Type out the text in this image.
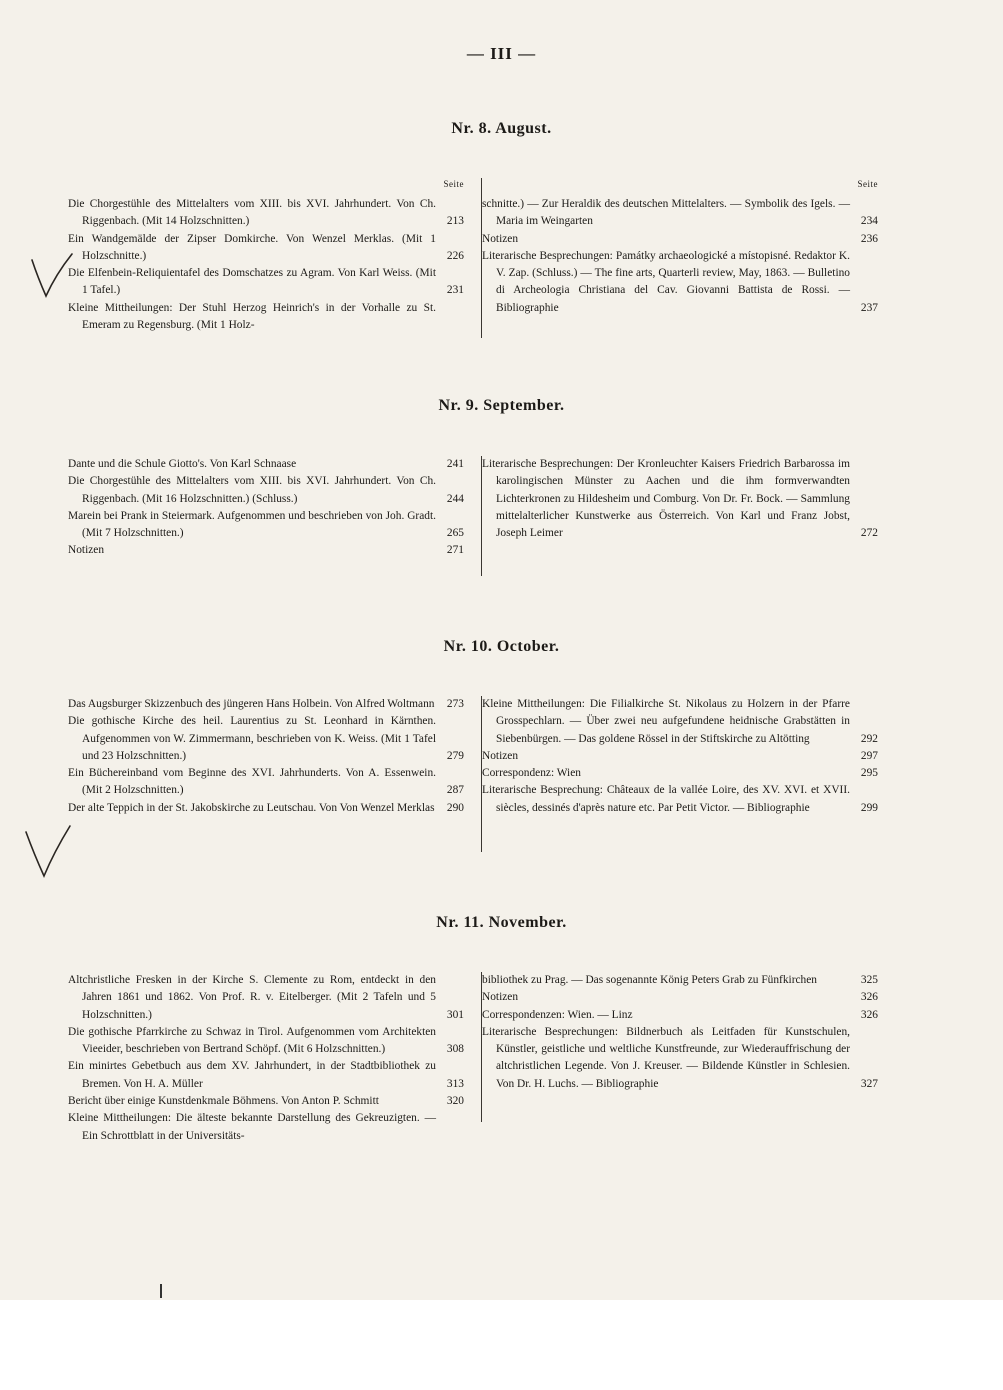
— III —
Nr. 8. August.
Seite
Die Chorgestühle des Mittelalters vom XIII. bis XVI. Jahrhundert. Von Ch. Riggenbach. (Mit 14 Holzschnitten.)	213
Ein Wandgemälde der Zipser Domkirche. Von Wenzel Merklas. (Mit 1 Holzschnitte.)	226
Die Elfenbein-Reliquientafel des Domschatzes zu Agram. Von Karl Weiss. (Mit 1 Tafel.)	231
Kleine Mittheilungen: Der Stuhl Herzog Heinrich's in der Vorhalle zu St. Emeram zu Regensburg. (Mit 1 Holz-
Seite
schnitte.) — Zur Heraldik des deutschen Mittelalters. — Symbolik des Igels. — Maria im Weingarten	234
Notizen	236
Literarische Besprechungen: Památky archaeologické a místopisné. Redaktor K. V. Zap. (Schluss.) — The fine arts, Quarterli review, May, 1863. — Bulletino di Archeologia Christiana del Cav. Giovanni Battista de Rossi. — Bibliographie	237
Nr. 9. September.
Dante und die Schule Giotto's. Von Karl Schnaase	241
Die Chorgestühle des Mittelalters vom XIII. bis XVI. Jahrhundert. Von Ch. Riggenbach. (Mit 16 Holzschnitten.) (Schluss.)	244
Marein bei Prank in Steiermark. Aufgenommen und beschrieben von Joh. Gradt. (Mit 7 Holzschnitten.)	265
Notizen	271
Literarische Besprechungen: Der Kronleuchter Kaisers Friedrich Barbarossa im karolingischen Münster zu Aachen und die ihm formverwandten Lichterkronen zu Hildesheim und Comburg. Von Dr. Fr. Bock. — Sammlung mittelalterlicher Kunstwerke aus Österreich. Von Karl und Franz Jobst, Joseph Leimer	272
Nr. 10. October.
Das Augsburger Skizzenbuch des jüngeren Hans Holbein. Von Alfred Woltmann	273
Die gothische Kirche des heil. Laurentius zu St. Leonhard in Kärnthen. Aufgenommen von W. Zimmermann, beschrieben von K. Weiss. (Mit 1 Tafel und 23 Holzschnitten.)	279
Ein Büchereinband vom Beginne des XVI. Jahrhunderts. Von A. Essenwein. (Mit 2 Holzschnitten.)	287
Der alte Teppich in der St. Jakobskirche zu Leutschau. Von Von Wenzel Merklas	290
Kleine Mittheilungen: Die Filialkirche St. Nikolaus zu Holzern in der Pfarre Grosspechlarn. — Über zwei neu aufgefundene heidnische Grabstätten in Siebenbürgen. — Das goldene Rössel in der Stiftskirche zu Altötting	292
Notizen	297
Correspondenz: Wien	295
Literarische Besprechung: Châteaux de la vallée Loire, des XV. XVI. et XVII. siècles, dessinés d'après nature etc. Par Petit Victor. — Bibliographie	299
Nr. 11. November.
Altchristliche Fresken in der Kirche S. Clemente zu Rom, entdeckt in den Jahren 1861 und 1862. Von Prof. R. v. Eitelberger. (Mit 2 Tafeln und 5 Holzschnitten.)	301
Die gothische Pfarrkirche zu Schwaz in Tirol. Aufgenommen vom Architekten Vieeider, beschrieben von Bertrand Schöpf. (Mit 6 Holzschnitten.)	308
Ein minirtes Gebetbuch aus dem XV. Jahrhundert, in der Stadtbibliothek zu Bremen. Von H. A. Müller	313
Bericht über einige Kunstdenkmale Böhmens. Von Anton P. Schmitt	320
Kleine Mittheilungen: Die älteste bekannte Darstellung des Gekreuzigten. — Ein Schrottblatt in der Universitäts-
bibliothek zu Prag. — Das sogenannte König Peters Grab zu Fünfkirchen	325
Notizen	326
Correspondenzen: Wien. — Linz	326
Literarische Besprechungen: Bildnerbuch als Leitfaden für Kunstschulen, Künstler, geistliche und weltliche Kunstfreunde, zur Wiederauffrischung der altchristlichen Legende. Von J. Kreuser. — Bildende Künstler in Schlesien. Von Dr. H. Luchs. — Bibliographie	327
